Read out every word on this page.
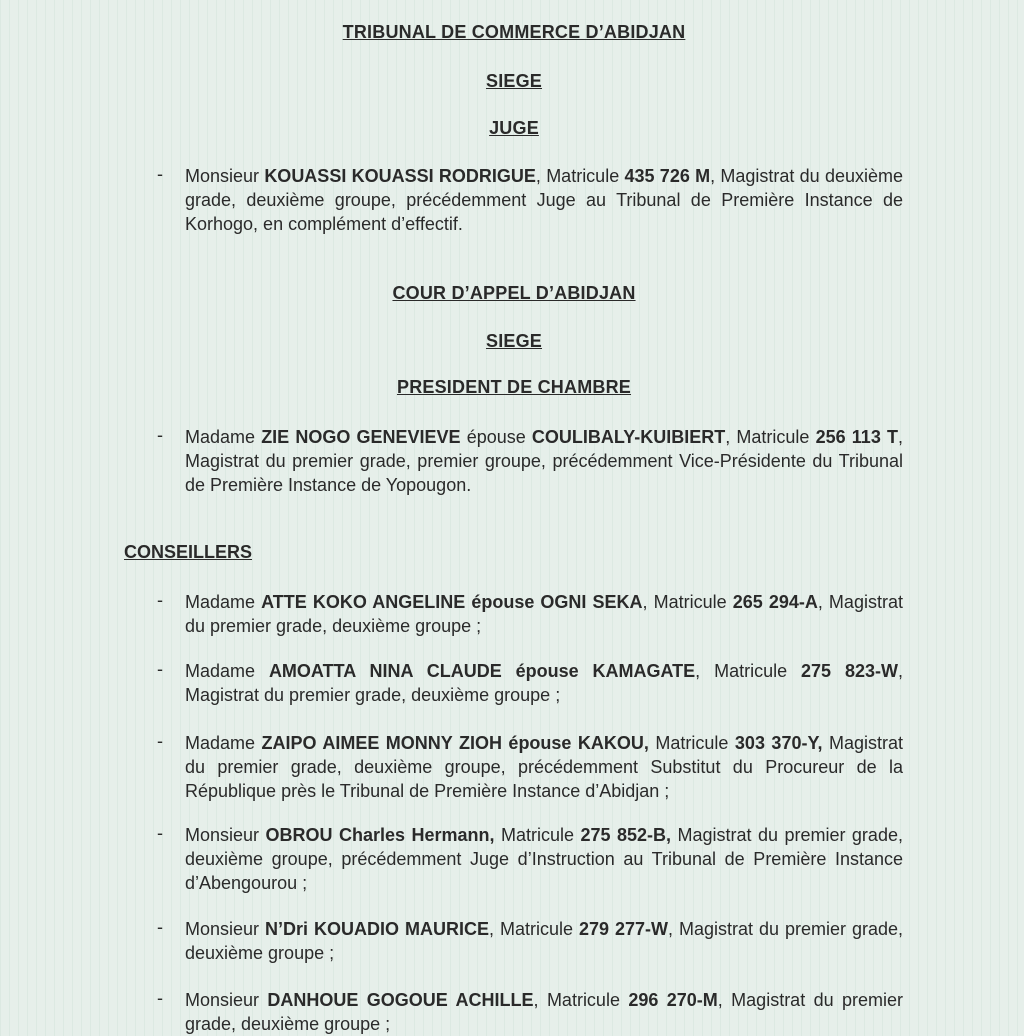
TRIBUNAL DE COMMERCE D’ABIDJAN
SIEGE
JUGE
- Monsieur KOUASSI KOUASSI RODRIGUE, Matricule 435 726 M, Magistrat du deuxième grade, deuxième groupe, précédemment Juge au Tribunal de Première Instance de Korhogo, en complément d’effectif.
COUR D’APPEL D’ABIDJAN
SIEGE
PRESIDENT DE CHAMBRE
- Madame ZIE NOGO GENEVIEVE épouse COULIBALY-KUIBIERT, Matricule 256 113 T, Magistrat du premier grade, premier groupe, précédemment Vice-Présidente du Tribunal de Première Instance de Yopougon.
CONSEILLERS
- Madame ATTE KOKO ANGELINE épouse OGNI SEKA, Matricule 265 294-A, Magistrat du premier grade, deuxième groupe ;
- Madame AMOATTA NINA CLAUDE épouse KAMAGATE, Matricule 275 823-W, Magistrat du premier grade, deuxième groupe ;
- Madame ZAIPO AIMEE MONNY ZIOH épouse KAKOU, Matricule 303 370-Y, Magistrat du premier grade, deuxième groupe, précédemment Substitut du Procureur de la République près le Tribunal de Première Instance d’Abidjan ;
- Monsieur OBROU Charles Hermann, Matricule 275 852-B, Magistrat du premier grade, deuxième groupe, précédemment Juge d’Instruction au Tribunal de Première Instance d’Abengourou ;
- Monsieur N’Dri KOUADIO MAURICE, Matricule 279 277-W, Magistrat du premier grade, deuxième groupe ;
- Monsieur DANHOUE GOGOUE ACHILLE, Matricule 296 270-M, Magistrat du premier grade, deuxième groupe ;
